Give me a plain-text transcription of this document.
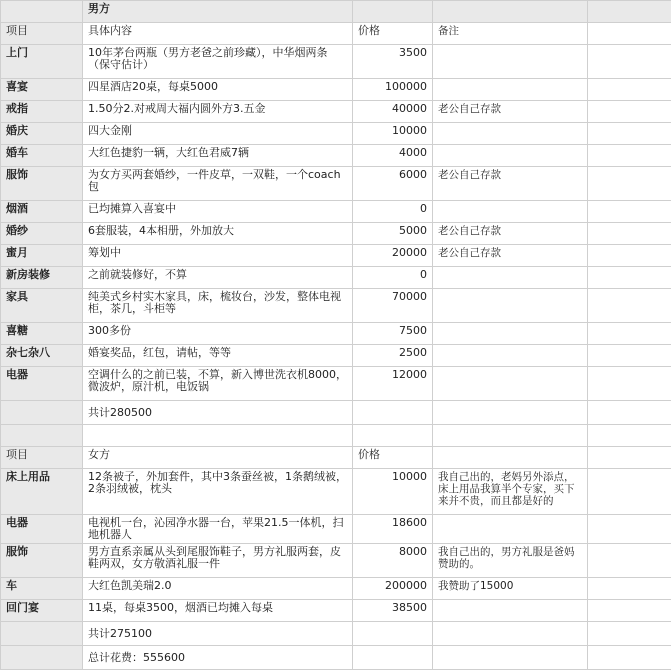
	男方			
项目	具体内容	价格	备注	
上门	10年茅台两瓶（男方老爸之前珍藏），中华烟两条（保守估计）	3500		
喜宴	四星酒店20桌，每桌5000	100000		
戒指	1.50分2.对戒周大福内圆外方3.五金	40000	老公自己存款	
婚庆	四大金刚	10000		
婚车	大红色捷豹一辆，大红色君威7辆	4000		
服饰	为女方买两套婚纱，一件皮草，一双鞋，一个coach包	6000	老公自己存款	
烟酒	已均摊算入喜宴中	0		
婚纱	6套服装，4本相册，外加放大	5000	老公自己存款	
蜜月	筹划中	20000	老公自己存款	
新房装修	之前就装修好，不算	0		
家具	纯美式乡村实木家具，床，梳妆台，沙发，整体电视柜，茶几，斗柜等	70000		
喜糖	300多份	7500		
杂七杂八	婚宴奖品，红包，请帖，等等	2500		
电器	空调什么的之前已装，不算，新入博世洗衣机8000，微波炉，原汁机，电饭锅	12000		
	共计280500			

项目	女方	价格		
床上用品	12条被子，外加套件，其中3条蚕丝被，1条鹅绒被，2条羽绒被，枕头	10000	我自己出的，老妈另外添点，床上用品我算半个专家，买下来并不贵，而且都是好的	
电器	电视机一台，沁园净水器一台，苹果21.5一体机，扫地机器人	18600		
服饰	男方直系亲属从头到尾服饰鞋子，男方礼服两套，皮鞋两双，女方敬酒礼服一件	8000	我自己出的，男方礼服是爸妈赞助的。	
车	大红色凯美瑞2.0	200000	我赞助了15000	
回门宴	11桌，每桌3500，烟酒已均摊入每桌	38500		
	共计275100			
	总计花费：555600			
